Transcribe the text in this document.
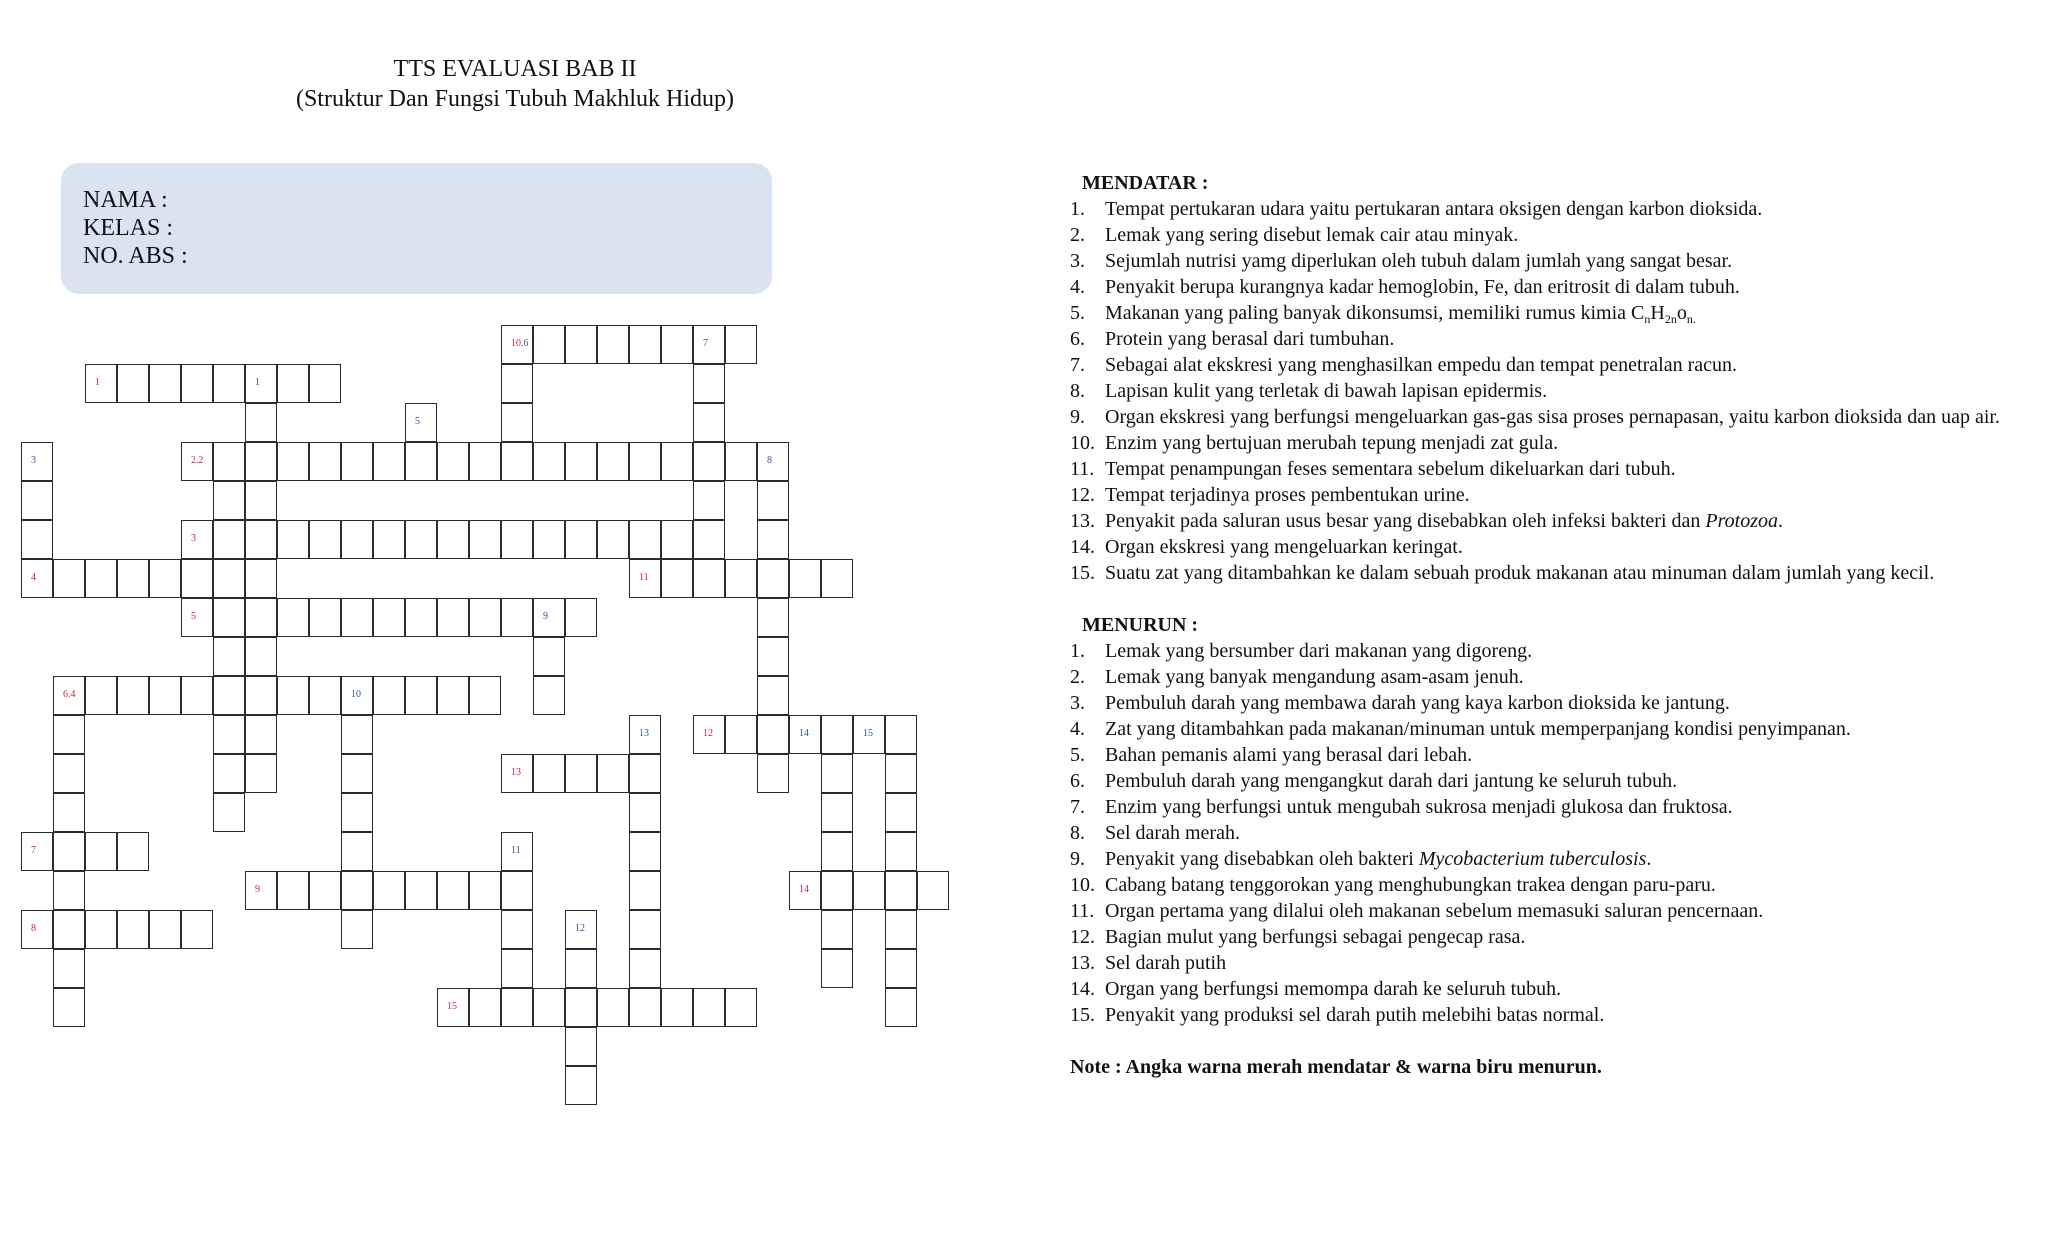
TTS EVALUASI BAB II
(Struktur Dan Fungsi Tubuh Makhluk Hidup)
NAMA :
KELAS :
NO. ABS :
10.6	7
1	1
5
3	2.2	8
3
4	11
5	9
6.4	10
13	12	14	15
13
7	11
9	14
8	12
15
MENDATAR :
1.	Tempat pertukaran udara yaitu pertukaran antara oksigen dengan karbon dioksida.
2.	Lemak yang sering disebut lemak cair atau minyak.
3.	Sejumlah nutrisi yamg diperlukan oleh tubuh dalam jumlah yang sangat besar.
4.	Penyakit berupa kurangnya kadar hemoglobin, Fe, dan eritrosit di dalam tubuh.
5.	Makanan yang paling banyak dikonsumsi, memiliki rumus kimia $C_nH_{2n}o_{n.}$
6.	Protein yang berasal dari tumbuhan.
7.	Sebagai alat ekskresi yang menghasilkan empedu dan tempat penetralan racun.
8.	Lapisan kulit yang terletak di bawah lapisan epidermis.
9.	Organ ekskresi yang berfungsi mengeluarkan gas-gas sisa proses pernapasan, yaitu karbon dioksida dan uap air.
10. Enzim yang bertujuan merubah tepung menjadi zat gula.
11. Tempat penampungan feses sementara sebelum dikeluarkan dari tubuh.
12. Tempat terjadinya proses pembentukan urine.
13. Penyakit pada saluran usus besar yang disebabkan oleh infeksi bakteri dan Protozoa.
14. Organ ekskresi yang mengeluarkan keringat.
15. Suatu zat yang ditambahkan ke dalam sebuah produk makanan atau minuman dalam jumlah yang kecil.
MENURUN :
1.	Lemak yang bersumber dari makanan yang digoreng.
2.	Lemak yang banyak mengandung asam-asam jenuh.
3.	Pembuluh darah yang membawa darah yang kaya karbon dioksida ke jantung.
4.	Zat yang ditambahkan pada makanan/minuman untuk memperpanjang kondisi penyimpanan.
5.	Bahan pemanis alami yang berasal dari lebah.
6.	Pembuluh darah yang mengangkut darah dari jantung ke seluruh tubuh.
7.	Enzim yang berfungsi untuk mengubah sukrosa menjadi glukosa dan fruktosa.
8.	Sel darah merah.
9.	Penyakit yang disebabkan oleh bakteri Mycobacterium tuberculosis.
10. Cabang batang tenggorokan yang menghubungkan trakea dengan paru-paru.
11. Organ pertama yang dilalui oleh makanan sebelum memasuki saluran pencernaan.
12. Bagian mulut yang berfungsi sebagai pengecap rasa.
13. Sel darah putih
14. Organ yang berfungsi memompa darah ke seluruh tubuh.
15. Penyakit yang produksi sel darah putih melebihi batas normal.
Note : Angka warna merah mendatar & warna biru menurun.
